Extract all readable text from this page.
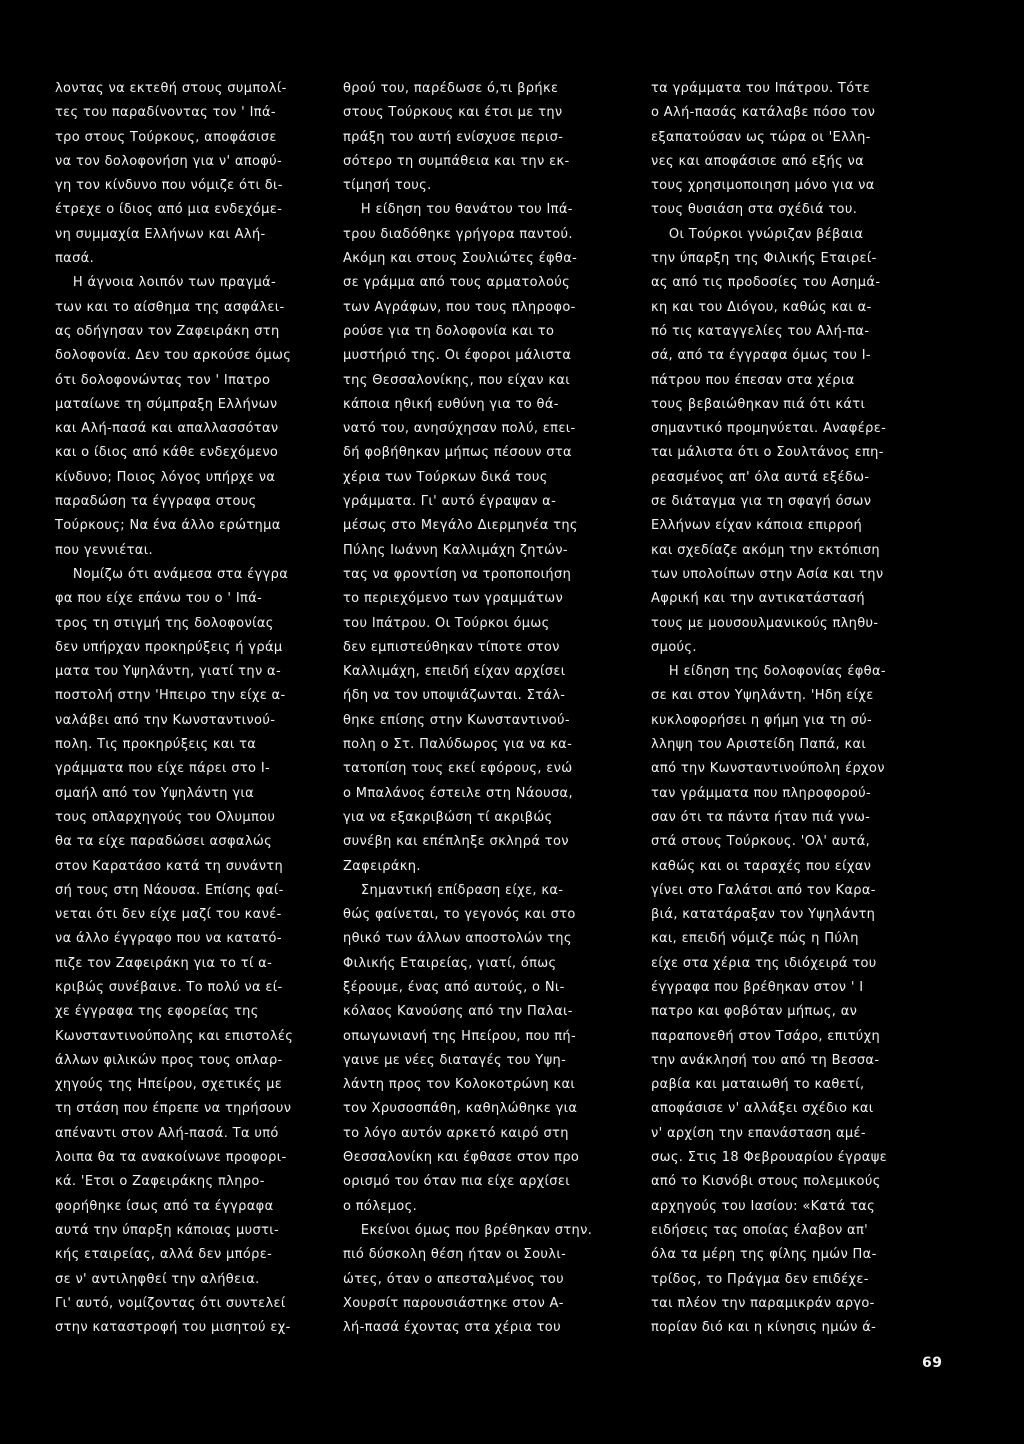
λοντας να εκτεθή στους συμπολί-
τες του παραδίνοντας τον ' Ιπά-
τρο στους Τούρκους, αποφάσισε
να τον δολοφονήση για ν' αποφύ-
γη τον κίνδυνο που νόμιζε ότι δι-
έτρεχε ο ίδιος από μια ενδεχόμε-
νη συμμαχία Ελλήνων και Αλή-
πασά.
Η άγνοια λοιπόν των πραγμά-
των και το αίσθημα της ασφάλει-
ας οδήγησαν τον Ζαφειράκη στη
δολοφονία. Δεν του αρκούσε όμως
ότι δολοφονώντας τον ' Ιπατρο
ματαίωνε τη σύμπραξη Ελλήνων
και Αλή-πασά και απαλλασσόταν
και ο ίδιος από κάθε ενδεχόμενο
κίνδυνο; Ποιος λόγος υπήρχε να
παραδώση τα έγγραφα στους
Τούρκους; Να ένα άλλο ερώτημα
που γεννιέται.
Νομίζω ότι ανάμεσα στα έγγρα
φα που είχε επάνω του ο ' Ιπά-
τρος τη στιγμή της δολοφονίας
δεν υπήρχαν προκηρύξεις ή γράμ
ματα του Υψηλάντη, γιατί την α-
ποστολή στην 'Ηπειρο την είχε α-
ναλάβει από την Κωνσταντινού-
πολη. Τις προκηρύξεις και τα
γράμματα που είχε πάρει στο Ι-
σμαήλ από τον Υψηλάντη για
τους οπλαρχηγούς του Ολυμπου
θα τα είχε παραδώσει ασφαλώς
στον Καρατάσο κατά τη συνάντη
σή τους στη Νάουσα. Επίσης φαί-
νεται ότι δεν είχε μαζί του κανέ-
να άλλο έγγραφο που να κατατό-
πιζε τον Ζαφειράκη για το τί α-
κριβώς συνέβαινε. Το πολύ να εί-
χε έγγραφα της εφορείας της
Κωνσταντινούπολης και επιστολές
άλλων φιλικών προς τους οπλαρ-
χηγούς της Ηπείρου, σχετικές με
τη στάση που έπρεπε να τηρήσουν
απέναντι στον Αλή-πασά. Τα υπό
λοιπα θα τα ανακοίνωνε προφορι-
κά. 'Ετσι ο Ζαφειράκης πληρο-
φορήθηκε ίσως από τα έγγραφα
αυτά την ύπαρξη κάποιας μυστι-
κής εταιρείας, αλλά δεν μπόρε-
σε ν' αντιληφθεί την αλήθεια.
Γι' αυτό, νομίζοντας ότι συντελεί
στην καταστροφή του μισητού εχ-

θρού του, παρέδωσε ό,τι βρήκε
στους Τούρκους και έτσι με την
πράξη του αυτή ενίσχυσε περισ-
σότερο τη συμπάθεια και την εκ-
τίμησή τους.
Η είδηση του θανάτου του Ιπά-
τρου διαδόθηκε γρήγορα παντού.
Ακόμη και στους Σουλιώτες έφθα-
σε γράμμα από τους αρματολούς
των Αγράφων, που τους πληροφο-
ρούσε για τη δολοφονία και το
μυστήριό της. Οι έφοροι μάλιστα
της Θεσσαλονίκης, που είχαν και
κάποια ηθική ευθύνη για το θά-
νατό του, ανησύχησαν πολύ, επει-
δή φοβήθηκαν μήπως πέσουν στα
χέρια των Τούρκων δικά τους
γράμματα. Γι' αυτό έγραψαν α-
μέσως στο Μεγάλο Διερμηνέα της
Πύλης Ιωάννη Καλλιμάχη ζητών-
τας να φροντίση να τροποποιήση
το περιεχόμενο των γραμμάτων
του Ιπάτρου. Οι Τούρκοι όμως
δεν εμπιστεύθηκαν τίποτε στον
Καλλιμάχη, επειδή είχαν αρχίσει
ήδη να τον υποψιάζωνται. Στάλ-
θηκε επίσης στην Κωνσταντινού-
πολη ο Στ. Παλύδωρος για να κα-
τατοπίση τους εκεί εφόρους, ενώ
ο Μπαλάνος έστειλε στη Νάουσα,
για να εξακριβώση τί ακριβώς
συνέβη και επέπληξε σκληρά τον
Ζαφειράκη.
Σημαντική επίδραση είχε, κα-
θώς φαίνεται, το γεγονός και στο
ηθικό των άλλων αποστολών της
Φιλικής Εταιρείας, γιατί, όπως
ξέρουμε, ένας από αυτούς, ο Νι-
κόλαος Κανούσης από την Παλαι-
οπωγωνιανή της Ηπείρου, που πή-
γαινε με νέες διαταγές του Υψη-
λάντη προς τον Κολοκοτρώνη και
τον Χρυσοσπάθη, καθηλώθηκε για
το λόγο αυτόν αρκετό καιρό στη
Θεσσαλονίκη και έφθασε στον προ
ορισμό του όταν πια είχε αρχίσει
ο πόλεμος.
Εκείνοι όμως που βρέθηκαν στην.
πιό δύσκολη θέση ήταν οι Σουλι-
ώτες, όταν ο απεσταλμένος του
Χουρσίτ παρουσιάστηκε στον Α-
λή-πασά έχοντας στα χέρια του

τα γράμματα του Ιπάτρου. Τότε
ο Αλή-πασάς κατάλαβε πόσο τον
εξαπατούσαν ως τώρα οι 'Ελλη-
νες και αποφάσισε από εξής να
τους χρησιμοποιηση μόνο για να
τους θυσιάση στα σχέδιά του.
Οι Τούρκοι γνώριζαν βέβαια
την ύπαρξη της Φιλικής Εταιρεί-
ας από τις προδοσίες του Ασημά-
κη και του Διόγου, καθώς και α-
πό τις καταγγελίες του Αλή-πα-
σά, από τα έγγραφα όμως του Ι-
πάτρου που έπεσαν στα χέρια
τους βεβαιώθηκαν πιά ότι κάτι
σημαντικό προμηνύεται. Αναφέρε-
ται μάλιστα ότι ο Σουλτάνος επη-
ρεασμένος απ' όλα αυτά εξέδω-
σε διάταγμα για τη σφαγή όσων
Ελλήνων είχαν κάποια επιρροή
και σχεδίαζε ακόμη την εκτόπιση
των υπολοίπων στην Ασία και την
Αφρική και την αντικατάστασή
τους με μουσουλμανικούς πληθυ-
σμούς.
Η είδηση της δολοφονίας έφθα-
σε και στον Υψηλάντη. 'Ηδη είχε
κυκλοφορήσει η φήμη για τη σύ-
λληψη του Αριστείδη Παπά, και
από την Κωνσταντινούπολη έρχον
ταν γράμματα που πληροφορού-
σαν ότι τα πάντα ήταν πιά γνω-
στά στους Τούρκους. 'Ολ' αυτά,
καθώς και οι ταραχές που είχαν
γίνει στο Γαλάτσι από τον Καρα-
βιά, κατατάραξαν τον Υψηλάντη
και, επειδή νόμιζε πώς η Πύλη
είχε στα χέρια της ιδιόχειρά του
έγγραφα που βρέθηκαν στον ' Ι
πατρο και φοβόταν μήπως, αν
παραπονεθή στον Τσάρο, επιτύχη
την ανάκλησή του από τη Βεσσα-
ραβία και ματαιωθή το καθετί,
αποφάσισε ν' αλλάξει σχέδιο και
ν' αρχίση την επανάσταση αμέ-
σως. Στις 18 Φεβρουαρίου έγραψε
από το Κισνόβι στους πολεμικούς
αρχηγούς του Ιασίου: «Κατά τας
ειδήσεις τας οποίας έλαβον απ'
όλα τα μέρη της φίλης ημών Πα-
τρίδος, το Πράγμα δεν επιδέχε-
ται πλέον την παραμικράν αργο-
πορίαν διό και η κίνησις ημών ά-

69
